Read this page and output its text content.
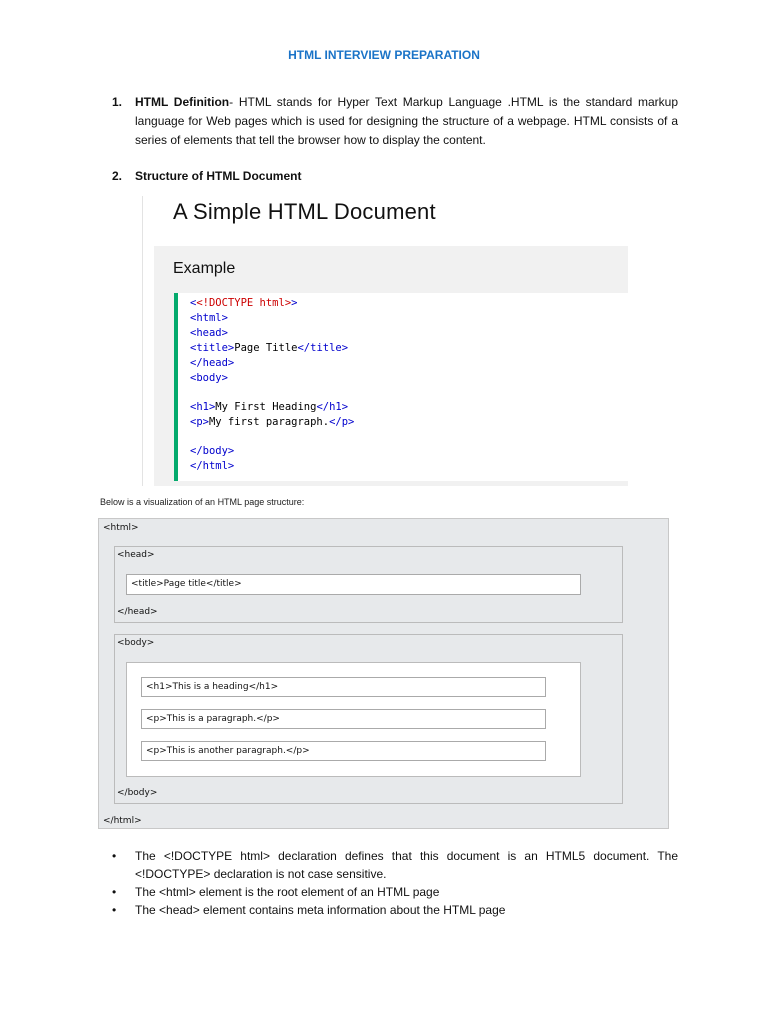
HTML INTERVIEW PREPARATION
1. HTML Definition- HTML stands for Hyper Text Markup Language .HTML is the standard markup language for Web pages which is used for designing the structure of a webpage. HTML consists of a series of elements that tell the browser how to display the content.
2. Structure of HTML Document
A Simple HTML Document
Example
<<!DOCTYPE html>>
<html>
<head>
<title>Page Title</title>
</head>
<body>
<h1>My First Heading</h1>
<p>My first paragraph.</p>
</body>
</html>
Below is a visualization of an HTML page structure:
<html>
<head>
<title>Page title</title>
</head>
<body>
<h1>This is a heading</h1>
<p>This is a paragraph.</p>
<p>This is another paragraph.</p>
</body>
</html>
• The <!DOCTYPE html> declaration defines that this document is an HTML5 document. The <!DOCTYPE> declaration is not case sensitive.
• The <html> element is the root element of an HTML page
• The <head> element contains meta information about the HTML page
